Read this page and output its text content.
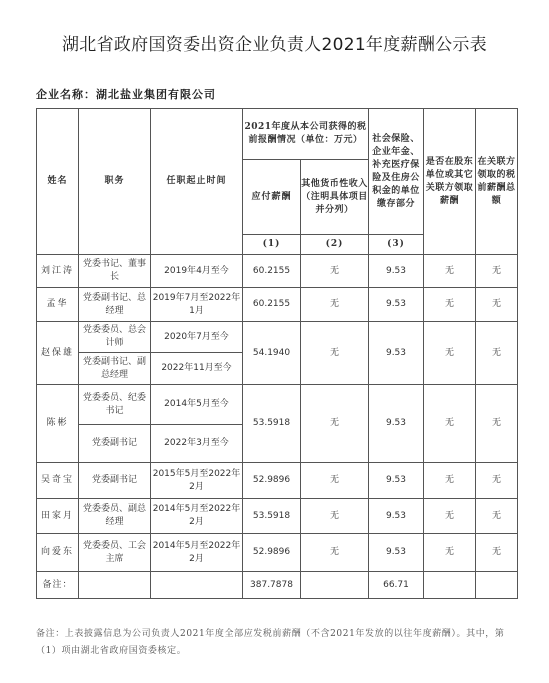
湖北省政府国资委出资企业负责人2021年度薪酬公示表
企业名称：湖北盐业集团有限公司
姓名	职务	任职起止时间	2021年度从本公司获得的税前报酬情况（单位：万元）		社会保险、企业年金、补充医疗保险及住房公积金的单位缴存部分	是否在股东单位或其它关联方领取薪酬	在关联方领取的税前薪酬总额
			应付薪酬	其他货币性收入（注明具体项目并分列）			
			(1)	(2)	(3)		
刘江涛	党委书记、董事长	2019年4月至今	60.2155	无	9.53	无	无
孟华	党委副书记、总经理	2019年7月至2022年1月	60.2155	无	9.53	无	无
赵保雄	党委委员、总会计师	2020年7月至今	54.1940	无	9.53	无	无
	党委副书记、副总经理	2022年11月至今					
陈彬	党委委员、纪委书记	2014年5月至今	53.5918	无	9.53	无	无
	党委副书记	2022年3月至今					
吴奇宝	党委副书记	2015年5月至2022年2月	52.9896	无	9.53	无	无
田家月	党委委员、副总经理	2014年5月至2022年2月	53.5918	无	9.53	无	无
向爱东	党委委员、工会主席	2014年5月至2022年2月	52.9896	无	9.53	无	无
备注：			387.7878		66.71		
备注：上表披露信息为公司负责人2021年度全部应发税前薪酬（不含2021年发放的以往年度薪酬）。其中，第（1）项由湖北省政府国资委核定。
